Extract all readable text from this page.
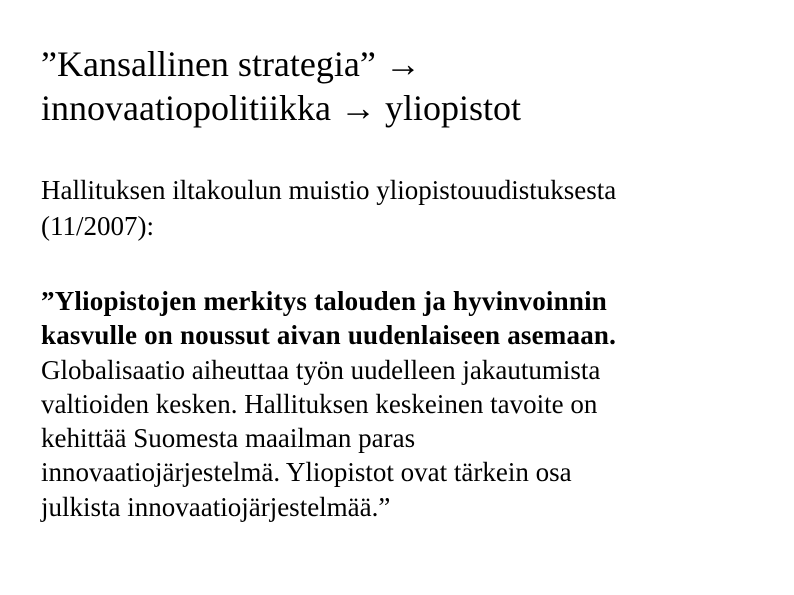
”Kansallinen strategia” →
innovaatiopolitiikka → yliopistot

Hallituksen iltakoulun muistio yliopistouudistuksesta
(11/2007):

”Yliopistojen merkitys talouden ja hyvinvoinnin
kasvulle on noussut aivan uudenlaiseen asemaan.
Globalisaatio aiheuttaa työn uudelleen jakautumista
valtioiden kesken. Hallituksen keskeinen tavoite on
kehittää Suomesta maailman paras
innovaatiojärjestelmä. Yliopistot ovat tärkein osa
julkista innovaatiojärjestelmää.”
